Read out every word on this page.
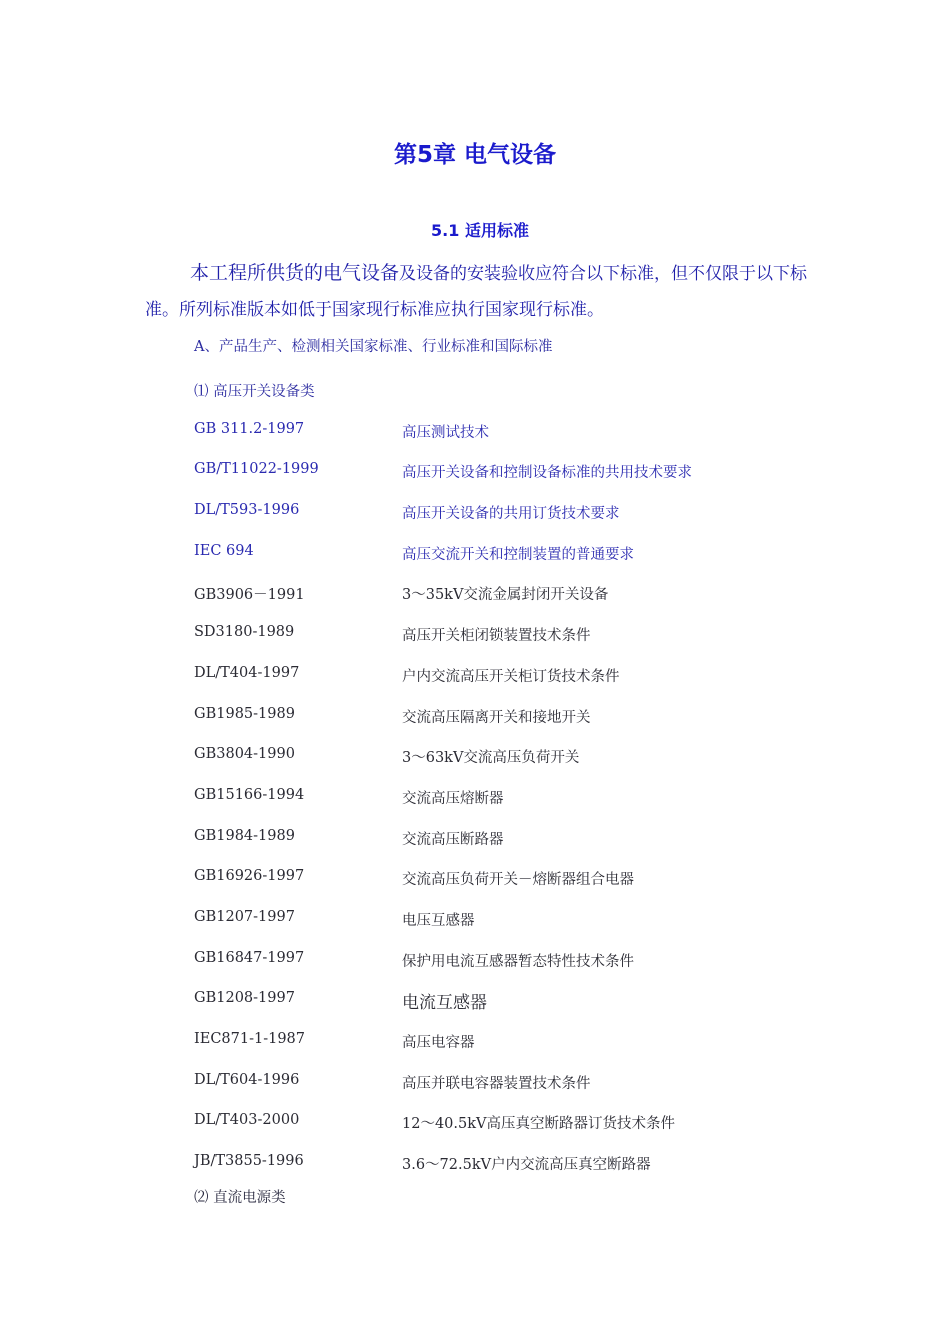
第5章 电气设备
5.1 适用标准

本工程所供货的电气设备及设备的安装验收应符合以下标准，但不仅限于以下标准。所列标准版本如低于国家现行标准应执行国家现行标准。

A、产品生产、检测相关国家标准、行业标准和国际标准

⑴ 高压开关设备类

GB 311.2-1997	高压测试技术
GB/T11022-1999	高压开关设备和控制设备标准的共用技术要求
DL/T593-1996	高压开关设备的共用订货技术要求
IEC 694	高压交流开关和控制装置的普通要求
GB3906－1991	3～35kV交流金属封闭开关设备
SD3180-1989	高压开关柜闭锁装置技术条件
DL/T404-1997	户内交流高压开关柜订货技术条件
GB1985-1989	交流高压隔离开关和接地开关
GB3804-1990	3～63kV交流高压负荷开关
GB15166-1994	交流高压熔断器
GB1984-1989	交流高压断路器
GB16926-1997	交流高压负荷开关－熔断器组合电器
GB1207-1997	电压互感器
GB16847-1997	保护用电流互感器暂态特性技术条件
GB1208-1997	电流互感器
IEC871-1-1987	高压电容器
DL/T604-1996	高压并联电容器装置技术条件
DL/T403-2000	12～40.5kV高压真空断路器订货技术条件
JB/T3855-1996	3.6～72.5kV户内交流高压真空断路器

⑵ 直流电源类
